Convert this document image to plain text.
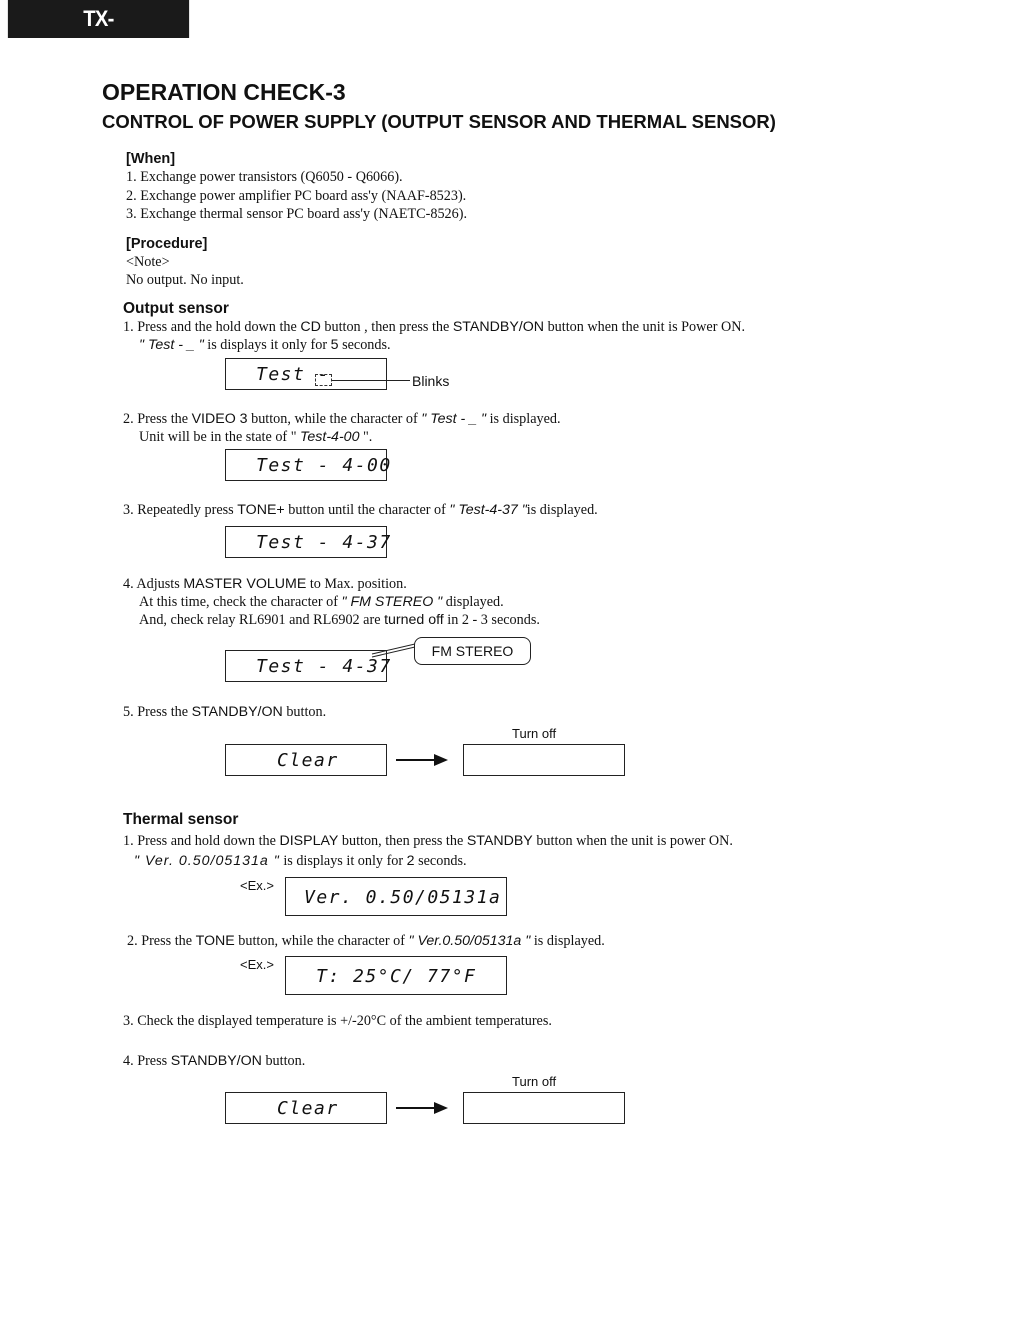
TX-SR503/503E/8350
OPERATION CHECK-3
CONTROL OF POWER SUPPLY (OUTPUT SENSOR AND THERMAL SENSOR)
[When]
1. Exchange power transistors (Q6050 - Q6066).
2. Exchange power amplifier PC board ass'y (NAAF-8523).
3. Exchange thermal sensor PC board ass'y (NAETC-8526).
[Procedure]
<Note>
No output. No input.
Output sensor
1. Press and the hold down the CD button , then press the STANDBY/ON button when the unit is Power ON.
" Test - _ " is displays it only for 5 seconds.
Test -	Blinks
2. Press the VIDEO 3 button, while the character of " Test - _ " is displayed.
Unit will be in the state of " Test-4-00 ".
Test - 4-00
3. Repeatedly press TONE+ button until the character of " Test-4-37 "is displayed.
Test - 4-37
4. Adjusts MASTER VOLUME to Max. position.
At this time, check the character of " FM STEREO " displayed.
And, check relay RL6901 and RL6902 are turned off in 2 - 3 seconds.
Test - 4-37
FM STEREO
5. Press the STANDBY/ON button.
Turn off
Clear
Thermal sensor
1. Press and hold down the DISPLAY button, then press the STANDBY button when the unit is power ON.
" Ver. 0.50/05131a " is displays it only for 2 seconds.
<Ex.>
Ver. 0.50/05131a
2. Press the TONE button, while the character of " Ver.0.50/05131a " is displayed.
<Ex.>
T: 25°C/ 77°F
3. Check the displayed temperature is +/-20°C of the ambient temperatures.
4. Press STANDBY/ON button.
Turn off
Clear
